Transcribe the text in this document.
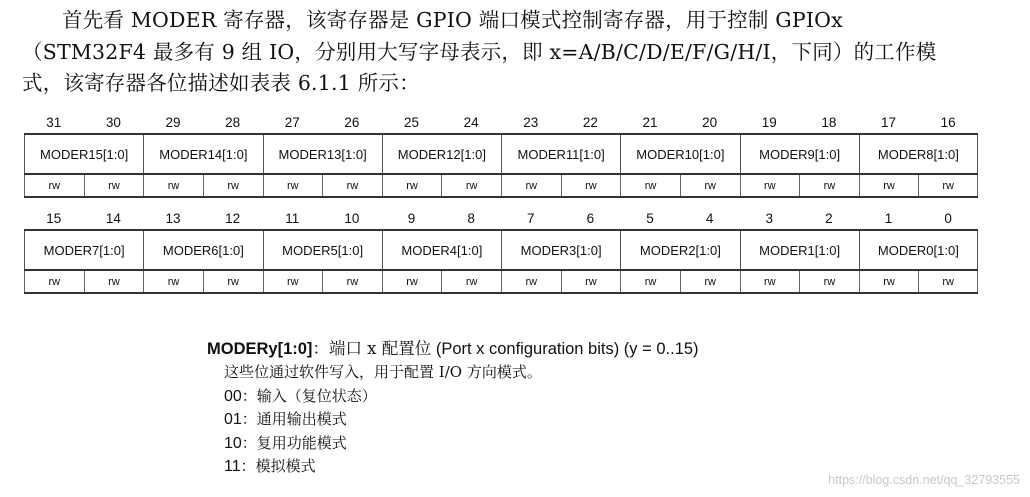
首先看 MODER 寄存器，该寄存器是 GPIO 端口模式控制寄存器，用于控制 GPIOx
（STM32F4 最多有 9 组 IO，分别用大写字母表示，即 x=A/B/C/D/E/F/G/H/I，下同）的工作模
式，该寄存器各位描述如表表 6.1.1 所示：
31	30	29	28	27	26	25	24	23	22	21	20	19	18	17	16
MODER15[1:0]	MODER14[1:0]	MODER13[1:0]	MODER12[1:0]	MODER11[1:0]	MODER10[1:0]	MODER9[1:0]	MODER8[1:0]
rw	rw	rw	rw	rw	rw	rw	rw	rw	rw	rw	rw	rw	rw	rw	rw
15	14	13	12	11	10	9	8	7	6	5	4	3	2	1	0
MODER7[1:0]	MODER6[1:0]	MODER5[1:0]	MODER4[1:0]	MODER3[1:0]	MODER2[1:0]	MODER1[1:0]	MODER0[1:0]
rw	rw	rw	rw	rw	rw	rw	rw	rw	rw	rw	rw	rw	rw	rw	rw
MODERy[1:0]：端口 x 配置位 (Port x configuration bits) (y = 0..15)
这些位通过软件写入，用于配置 I/O 方向模式。
00：输入（复位状态）
01：通用输出模式
10：复用功能模式
11：模拟模式
https://blog.csdn.net/qq_32793555
